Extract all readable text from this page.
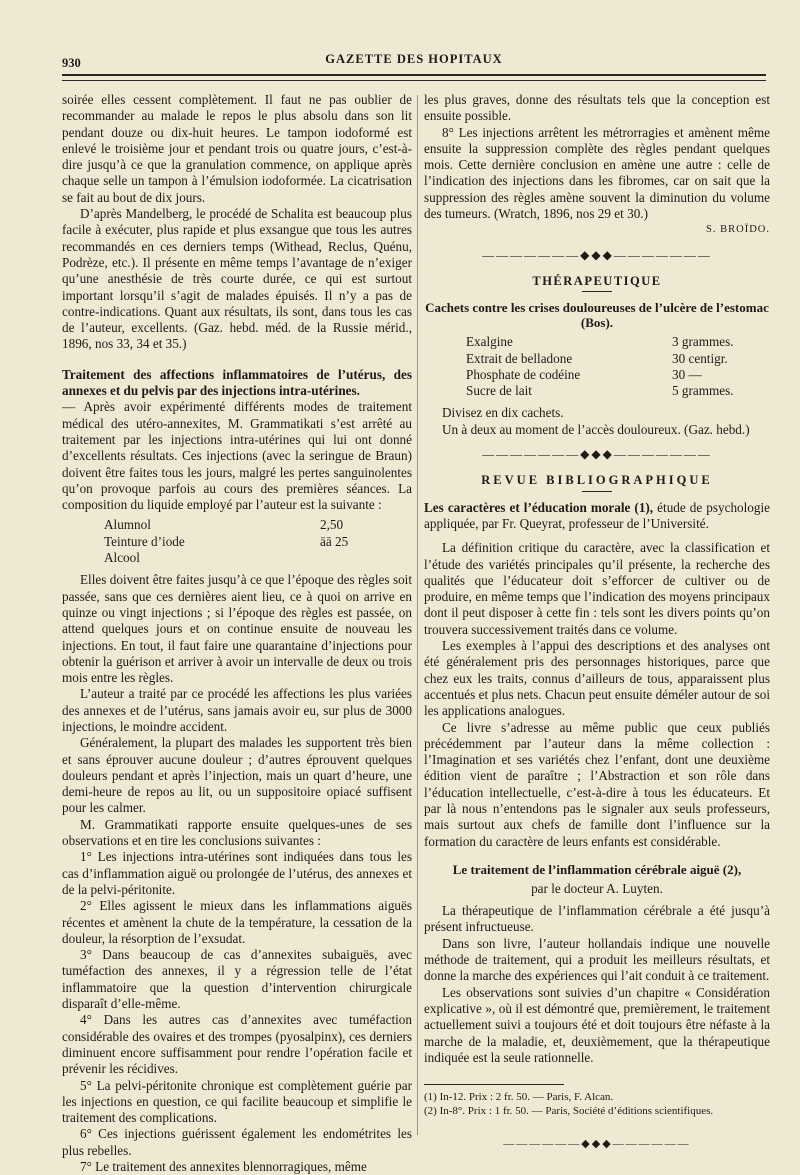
930	GAZETTE DES HOPITAUX

soirée elles cessent complètement. Il faut ne pas oublier de recommander au malade le repos le plus absolu dans son lit pendant douze ou dix-huit heures. Le tampon iodoformé est enlevé le troisième jour et pendant trois ou quatre jours, c’est-à-dire jusqu’à ce que la granulation commence, on applique après chaque selle un tampon à l’émulsion iodoformée. La cicatrisation se fait au bout de dix jours.

D’après Mandelberg, le procédé de Schalita est beaucoup plus facile à exécuter, plus rapide et plus exsangue que tous les autres recommandés en ces derniers temps (Withead, Reclus, Quénu, Podrèze, etc.). Il présente en même temps l’avantage de n’exiger qu’une anesthésie de très courte durée, ce qui est surtout important lorsqu’il s’agit de malades épuisés. Il n’y a pas de contre-indications. Quant aux résultats, ils sont, dans tous les cas de l’auteur, excellents. (Gaz. hebd. méd. de la Russie mérid., 1896, nos 33, 34 et 35.)

Traitement des affections inflammatoires de l’utérus, des annexes et du pelvis par des injections intra-utérines.

— Après avoir expérimenté différents modes de traitement médical des utéro-annexites, M. Grammatikati s’est arrêté au traitement par les injections intra-utérines qui lui ont donné d’excellents résultats. Ces injections (avec la seringue de Braun) doivent être faites tous les jours, malgré les pertes sanguinolentes qu’on provoque parfois au cours des premières séances. La composition du liquide employé par l’auteur est la suivante :

Alumnol	2,50
Teinture d’iode	āā 25
Alcool

Elles doivent être faites jusqu’à ce que l’époque des règles soit passée, sans que ces dernières aient lieu, ce à quoi on arrive en quinze ou vingt injections ; si l’époque des règles est passée, on attend quelques jours et on continue ensuite de nouveau les injections. En tout, il faut faire une quarantaine d’injections pour obtenir la guérison et arriver à avoir un intervalle de deux ou trois mois entre les règles.

L’auteur a traité par ce procédé les affections les plus variées des annexes et de l’utérus, sans jamais avoir eu, sur plus de 3000 injections, le moindre accident.

Généralement, la plupart des malades les supportent très bien et sans éprouver aucune douleur ; d’autres éprouvent quelques douleurs pendant et après l’injection, mais un quart d’heure, une demi-heure de repos au lit, ou un suppositoire opiacé suffisent pour les calmer.

M. Grammatikati rapporte ensuite quelques-unes de ses observations et en tire les conclusions suivantes :

1° Les injections intra-utérines sont indiquées dans tous les cas d’inflammation aiguë ou prolongée de l’utérus, des annexes et de la pelvi-péritonite.

2° Elles agissent le mieux dans les inflammations aiguës récentes et amènent la chute de la température, la cessation de la douleur, la résorption de l’exsudat.

3° Dans beaucoup de cas d’annexites subaiguës, avec tuméfaction des annexes, il y a régression telle de l’état inflammatoire que la question d’intervention chirurgicale disparaît d’elle-même.

4° Dans les autres cas d’annexites avec tuméfaction considérable des ovaires et des trompes (pyosalpinx), ces derniers diminuent encore suffisamment pour rendre l’opération facile et prévenir les récidives.

5° La pelvi-péritonite chronique est complètement guérie par les injections en question, ce qui facilite beaucoup et simplifie le traitement des complications.

6° Ces injections guérissent également les endométrites les plus rebelles.

7° Le traitement des annexites blennorragiques, même

les plus graves, donne des résultats tels que la conception est ensuite possible.

8° Les injections arrêtent les métrorragies et amènent même ensuite la suppression complète des règles pendant quelques mois. Cette dernière conclusion en amène une autre : celle de l’indication des injections dans les fibromes, car on sait que la suppression des règles amène souvent la diminution du volume des tumeurs. (Wratch, 1896, nos 29 et 30.)

S. BROÏDO.

———————◆◆◆———————
THÉRAPEUTIQUE
Cachets contre les crises douloureuses de l’ulcère de l’estomac (Bos).
Exalgine	3 grammes.
Extrait de belladone	30 centigr.
Phosphate de codéine	30 —
Sucre de lait	5 grammes.

Divisez en dix cachets.

Un à deux au moment de l’accès douloureux. (Gaz. hebd.)

———————◆◆◆———————
REVUE BIBLIOGRAPHIQUE

Les caractères et l’éducation morale (1), étude de psychologie appliquée, par Fr. Queyrat, professeur de l’Université.

La définition critique du caractère, avec la classification et l’étude des variétés principales qu’il présente, la recherche des qualités que l’éducateur doit s’efforcer de cultiver ou de produire, en même temps que l’indication des moyens principaux dont il peut disposer à cette fin : tels sont les divers points qu’on trouvera successivement traités dans ce volume.

Les exemples à l’appui des descriptions et des analyses ont été généralement pris des personnages historiques, parce que chez eux les traits, connus d’ailleurs de tous, apparaissent plus accentués et plus nets. Chacun peut ensuite déméler autour de soi les applications analogues.

Ce livre s’adresse au même public que ceux publiés précédemment par l’auteur dans la même collection : l’Imagination et ses variétés chez l’enfant, dont une deuxième édition vient de paraître ; l’Abstraction et son rôle dans l’éducation intellectuelle, c’est-à-dire à tous les éducateurs. Et par là nous n’entendons pas le signaler aux seuls professeurs, mais surtout aux chefs de famille dont l’influence sur la formation du caractère de leurs enfants est considérable.

Le traitement de l’inflammation cérébrale aiguë (2),
par le docteur A. Luyten.

La thérapeutique de l’inflammation cérébrale a été jusqu’à présent infructueuse.

Dans son livre, l’auteur hollandais indique une nouvelle méthode de traitement, qui a produit les meilleurs résultats, et donne la marche des expériences qui l’ait conduit à ce traitement.

Les observations sont suivies d’un chapitre « Considération explicative », où il est démontré que, premièrement, le traitement actuellement suivi a toujours été et doit toujours être néfaste à la marche de la maladie, et, deuxièmement, que la thérapeutique indiquée est la seule rationnelle.

(1) In-12. Prix : 2 fr. 50. — Paris, F. Alcan.

(2) In-8°. Prix : 1 fr. 50. — Paris, Société d’éditions scientifiques.

——————◆◆◆——————
